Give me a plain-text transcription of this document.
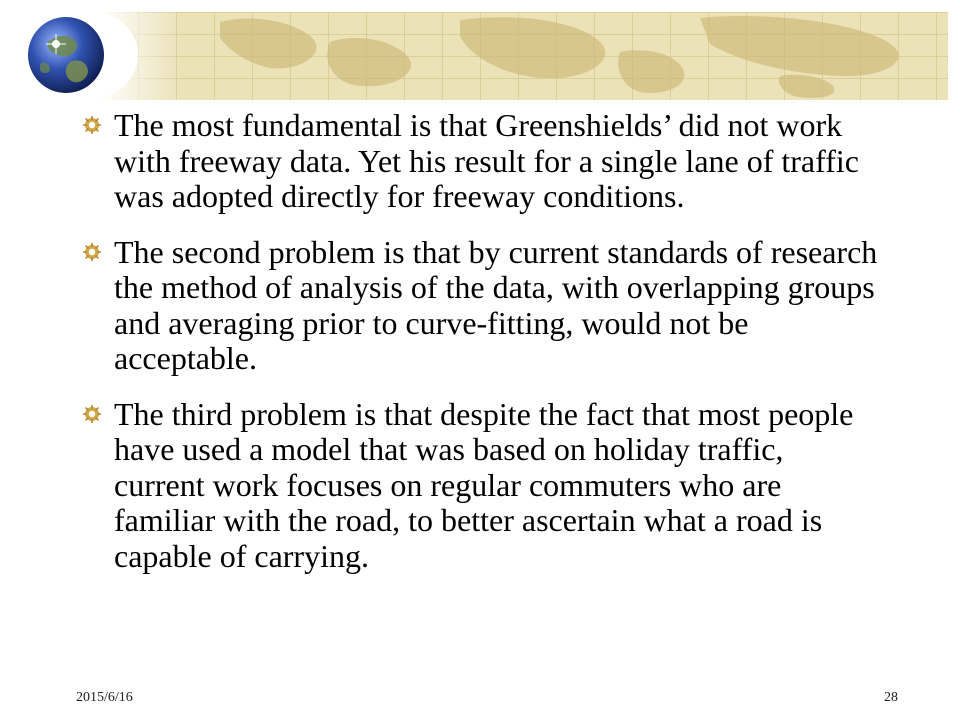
The most fundamental is that Greenshields’ did not work with freeway data. Yet his result for a single lane of traffic was adopted directly for freeway conditions.
The second problem is that by current standards of research the method of analysis of the data, with overlapping groups and averaging prior to curve-fitting, would not be acceptable.
The third problem is that despite the fact that most people have used a model that was based on holiday traffic, current work focuses on regular commuters who are familiar with the road, to better ascertain what a road is capable of carrying.
2015/6/16	28
